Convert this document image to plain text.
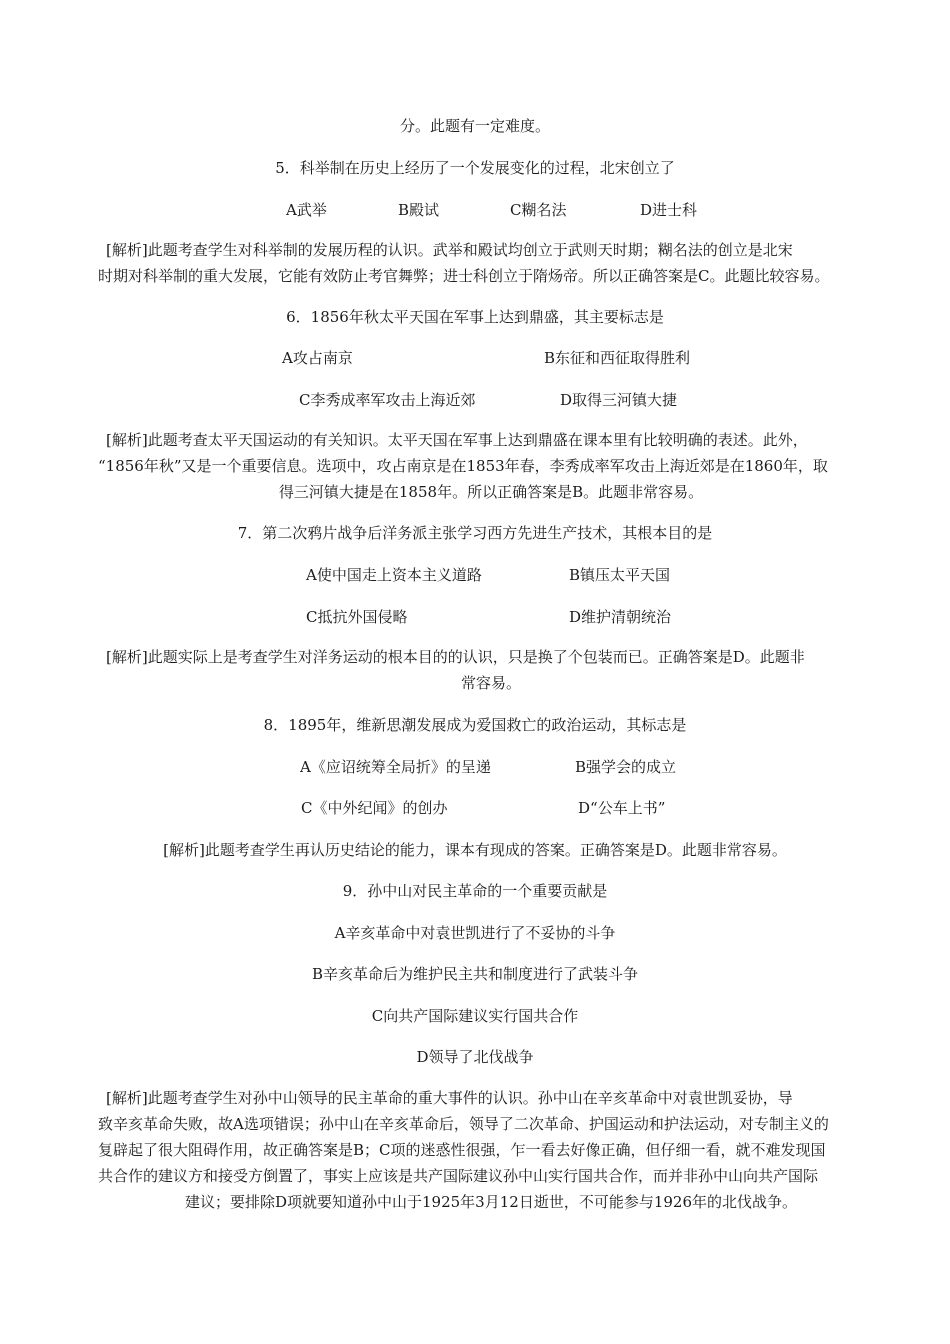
分。此题有一定难度。
5．科举制在历史上经历了一个发展变化的过程，北宋创立了
A武举	B殿试	C糊名法	D进士科
[解析]此题考查学生对科举制的发展历程的认识。武举和殿试均创立于武则天时期；糊名法的创立是北宋
时期对科举制的重大发展，它能有效防止考官舞弊；进士科创立于隋炀帝。所以正确答案是C。此题比较容易。
6．1856年秋太平天国在军事上达到鼎盛，其主要标志是
A攻占南京	B东征和西征取得胜利
C李秀成率军攻击上海近郊	D取得三河镇大捷
[解析]此题考查太平天国运动的有关知识。太平天国在军事上达到鼎盛在课本里有比较明确的表述。此外，
“1856年秋”又是一个重要信息。选项中，攻占南京是在1853年春，李秀成率军攻击上海近郊是在1860年，取
得三河镇大捷是在1858年。所以正确答案是B。此题非常容易。
7．第二次鸦片战争后洋务派主张学习西方先进生产技术，其根本目的是
A使中国走上资本主义道路	B镇压太平天国
C抵抗外国侵略	D维护清朝统治
[解析]此题实际上是考查学生对洋务运动的根本目的的认识，只是换了个包装而已。正确答案是D。此题非
常容易。
8．1895年，维新思潮发展成为爱国救亡的政治运动，其标志是
A《应诏统筹全局折》的呈递	B强学会的成立
C《中外纪闻》的创办	D“公车上书”
[解析]此题考查学生再认历史结论的能力，课本有现成的答案。正确答案是D。此题非常容易。
9．孙中山对民主革命的一个重要贡献是
A辛亥革命中对袁世凯进行了不妥协的斗争
B辛亥革命后为维护民主共和制度进行了武装斗争
C向共产国际建议实行国共合作
D领导了北伐战争
[解析]此题考查学生对孙中山领导的民主革命的重大事件的认识。孙中山在辛亥革命中对袁世凯妥协，导
致辛亥革命失败，故A选项错误；孙中山在辛亥革命后，领导了二次革命、护国运动和护法运动，对专制主义的
复辟起了很大阻碍作用，故正确答案是B；C项的迷惑性很强，乍一看去好像正确，但仔细一看，就不难发现国
共合作的建议方和接受方倒置了，事实上应该是共产国际建议孙中山实行国共合作，而并非孙中山向共产国际
建议；要排除D项就要知道孙中山于1925年3月12日逝世，不可能参与1926年的北伐战争。
